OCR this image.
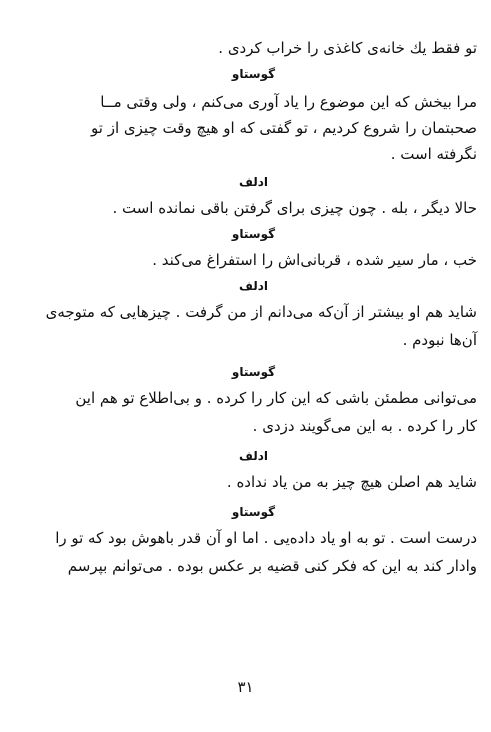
تو فقط یك خانه‌ی کاغذی را خراب کردی .

گوستاو

مرا بیخش که این موضوع را یاد آوری می‌کنم ، ولی وقتی مــا

صحبتمان را شروع کردیم ، تو گفتی که او هیچ وقت چیزی از تو

نگرفته است .

ادلف

حالا دیگر ، بله . چون چیزی برای گرفتن باقی نمانده است .

گوستاو

خب ، مار سیر شده ، قربانی‌اش را استفراغ می‌کند .

ادلف

شاید هم او بیشتر از آن‌که می‌دانم از من گرفت . چیزهایی که متوجه‌ی

آن‌ها نبودم .

گوستاو

می‌توانی مطمئن باشی که این کار را کرده . و بی‌اطلاع تو هم این

کار را کرده . به این می‌گویند دزدی .

ادلف

شاید هم اصلن هیچ چیز به من یاد نداده .

گوستاو

درست است . تو به او یاد داده‌یی . اما او آن قدر باهوش بود که تو را

وادار کند به این که فکر کنی قضیه بر عکس بوده . می‌توانم بپرسم

۳۱
